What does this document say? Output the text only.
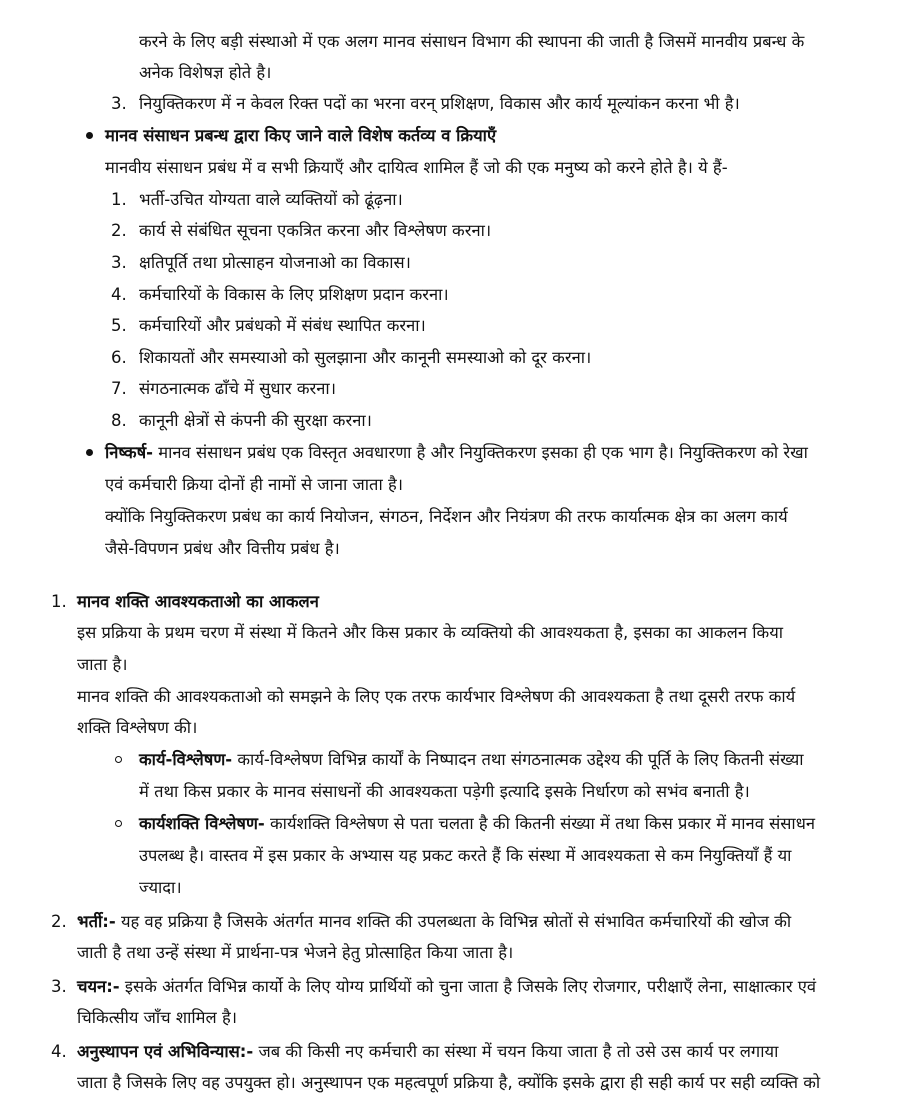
करने के लिए बड़ी संस्थाओ में एक अलग मानव संसाधन विभाग की स्थापना की जाती है जिसमें मानवीय प्रबन्ध के
अनेक विशेषज्ञ होते है।
3. नियुक्तिकरण में न केवल रिक्त पदों का भरना वरन् प्रशिक्षण, विकास और कार्य मूल्यांकन करना भी है।
मानव संसाधन प्रबन्ध द्वारा किए जाने वाले विशेष कर्तव्य व क्रियाएँ
मानवीय संसाधन प्रबंध में व सभी क्रियाएँ और दायित्व शामिल हैं जो की एक मनुष्य को करने होते है। ये हैं-
1. भर्ती-उचित योग्यता वाले व्यक्तियों को ढूंढ़ना।
2. कार्य से संबंधित सूचना एकत्रित करना और विश्लेषण करना।
3. क्षतिपूर्ति तथा प्रोत्साहन योजनाओ का विकास।
4. कर्मचारियों के विकास के लिए प्रशिक्षण प्रदान करना।
5. कर्मचारियों और प्रबंधको में संबंध स्थापित करना।
6. शिकायतों और समस्याओ को सुलझाना और कानूनी समस्याओ को दूर करना।
7. संगठनात्मक ढाँचे में सुधार करना।
8. कानूनी क्षेत्रों से कंपनी की सुरक्षा करना।
निष्कर्ष- मानव संसाधन प्रबंध एक विस्तृत अवधारणा है और नियुक्तिकरण इसका ही एक भाग है। नियुक्तिकरण को रेखा
एवं कर्मचारी क्रिया दोनों ही नामों से जाना जाता है।
क्योंकि नियुक्तिकरण प्रबंध का कार्य नियोजन, संगठन, निर्देशन और नियंत्रण की तरफ कार्यात्मक क्षेत्र का अलग कार्य
जैसे-विपणन प्रबंध और वित्तीय प्रबंध है।
1. मानव शक्ति आवश्यकताओ का आकलन
इस प्रक्रिया के प्रथम चरण में संस्था में कितने और किस प्रकार के व्यक्तियो की आवश्यकता है, इसका का आकलन किया
जाता है।
मानव शक्ति की आवश्यकताओ को समझने के लिए एक तरफ कार्यभार विश्लेषण की आवश्यकता है तथा दूसरी तरफ कार्य
शक्ति विश्लेषण की।
कार्य-विश्लेषण- कार्य-विश्लेषण विभिन्न कार्यों के निष्पादन तथा संगठनात्मक उद्देश्य की पूर्ति के लिए कितनी संख्या
में तथा किस प्रकार के मानव संसाधनों की आवश्यकता पड़ेगी इत्यादि इसके निर्धारण को सभंव बनाती है।
कार्यशक्ति विश्लेषण- कार्यशक्ति विश्लेषण से पता चलता है की कितनी संख्या में तथा किस प्रकार में मानव संसाधन
उपलब्ध है। वास्तव में इस प्रकार के अभ्यास यह प्रकट करते हैं कि संस्था में आवश्यकता से कम नियुक्तियाँ हैं या
ज्यादा।
2. भर्ती:- यह वह प्रक्रिया है जिसके अंतर्गत मानव शक्ति की उपलब्धता के विभिन्न स्रोतों से संभावित कर्मचारियों की खोज की
जाती है तथा उन्हें संस्था में प्रार्थना-पत्र भेजने हेतु प्रोत्साहित किया जाता है।
3. चयन:- इसके अंतर्गत विभिन्न कार्यो के लिए योग्य प्रार्थियों को चुना जाता है जिसके लिए रोजगार, परीक्षाएँ लेना, साक्षात्कार एवं
चिकित्सीय जाँच शामिल है।
4. अनुस्थापन एवं अभिविन्यास:- जब की किसी नए कर्मचारी का संस्था में चयन किया जाता है तो उसे उस कार्य पर लगाया
जाता है जिसके लिए वह उपयुक्त हो। अनुस्थापन एक महत्वपूर्ण प्रक्रिया है, क्योंकि इसके द्वारा ही सही कार्य पर सही व्यक्ति को
